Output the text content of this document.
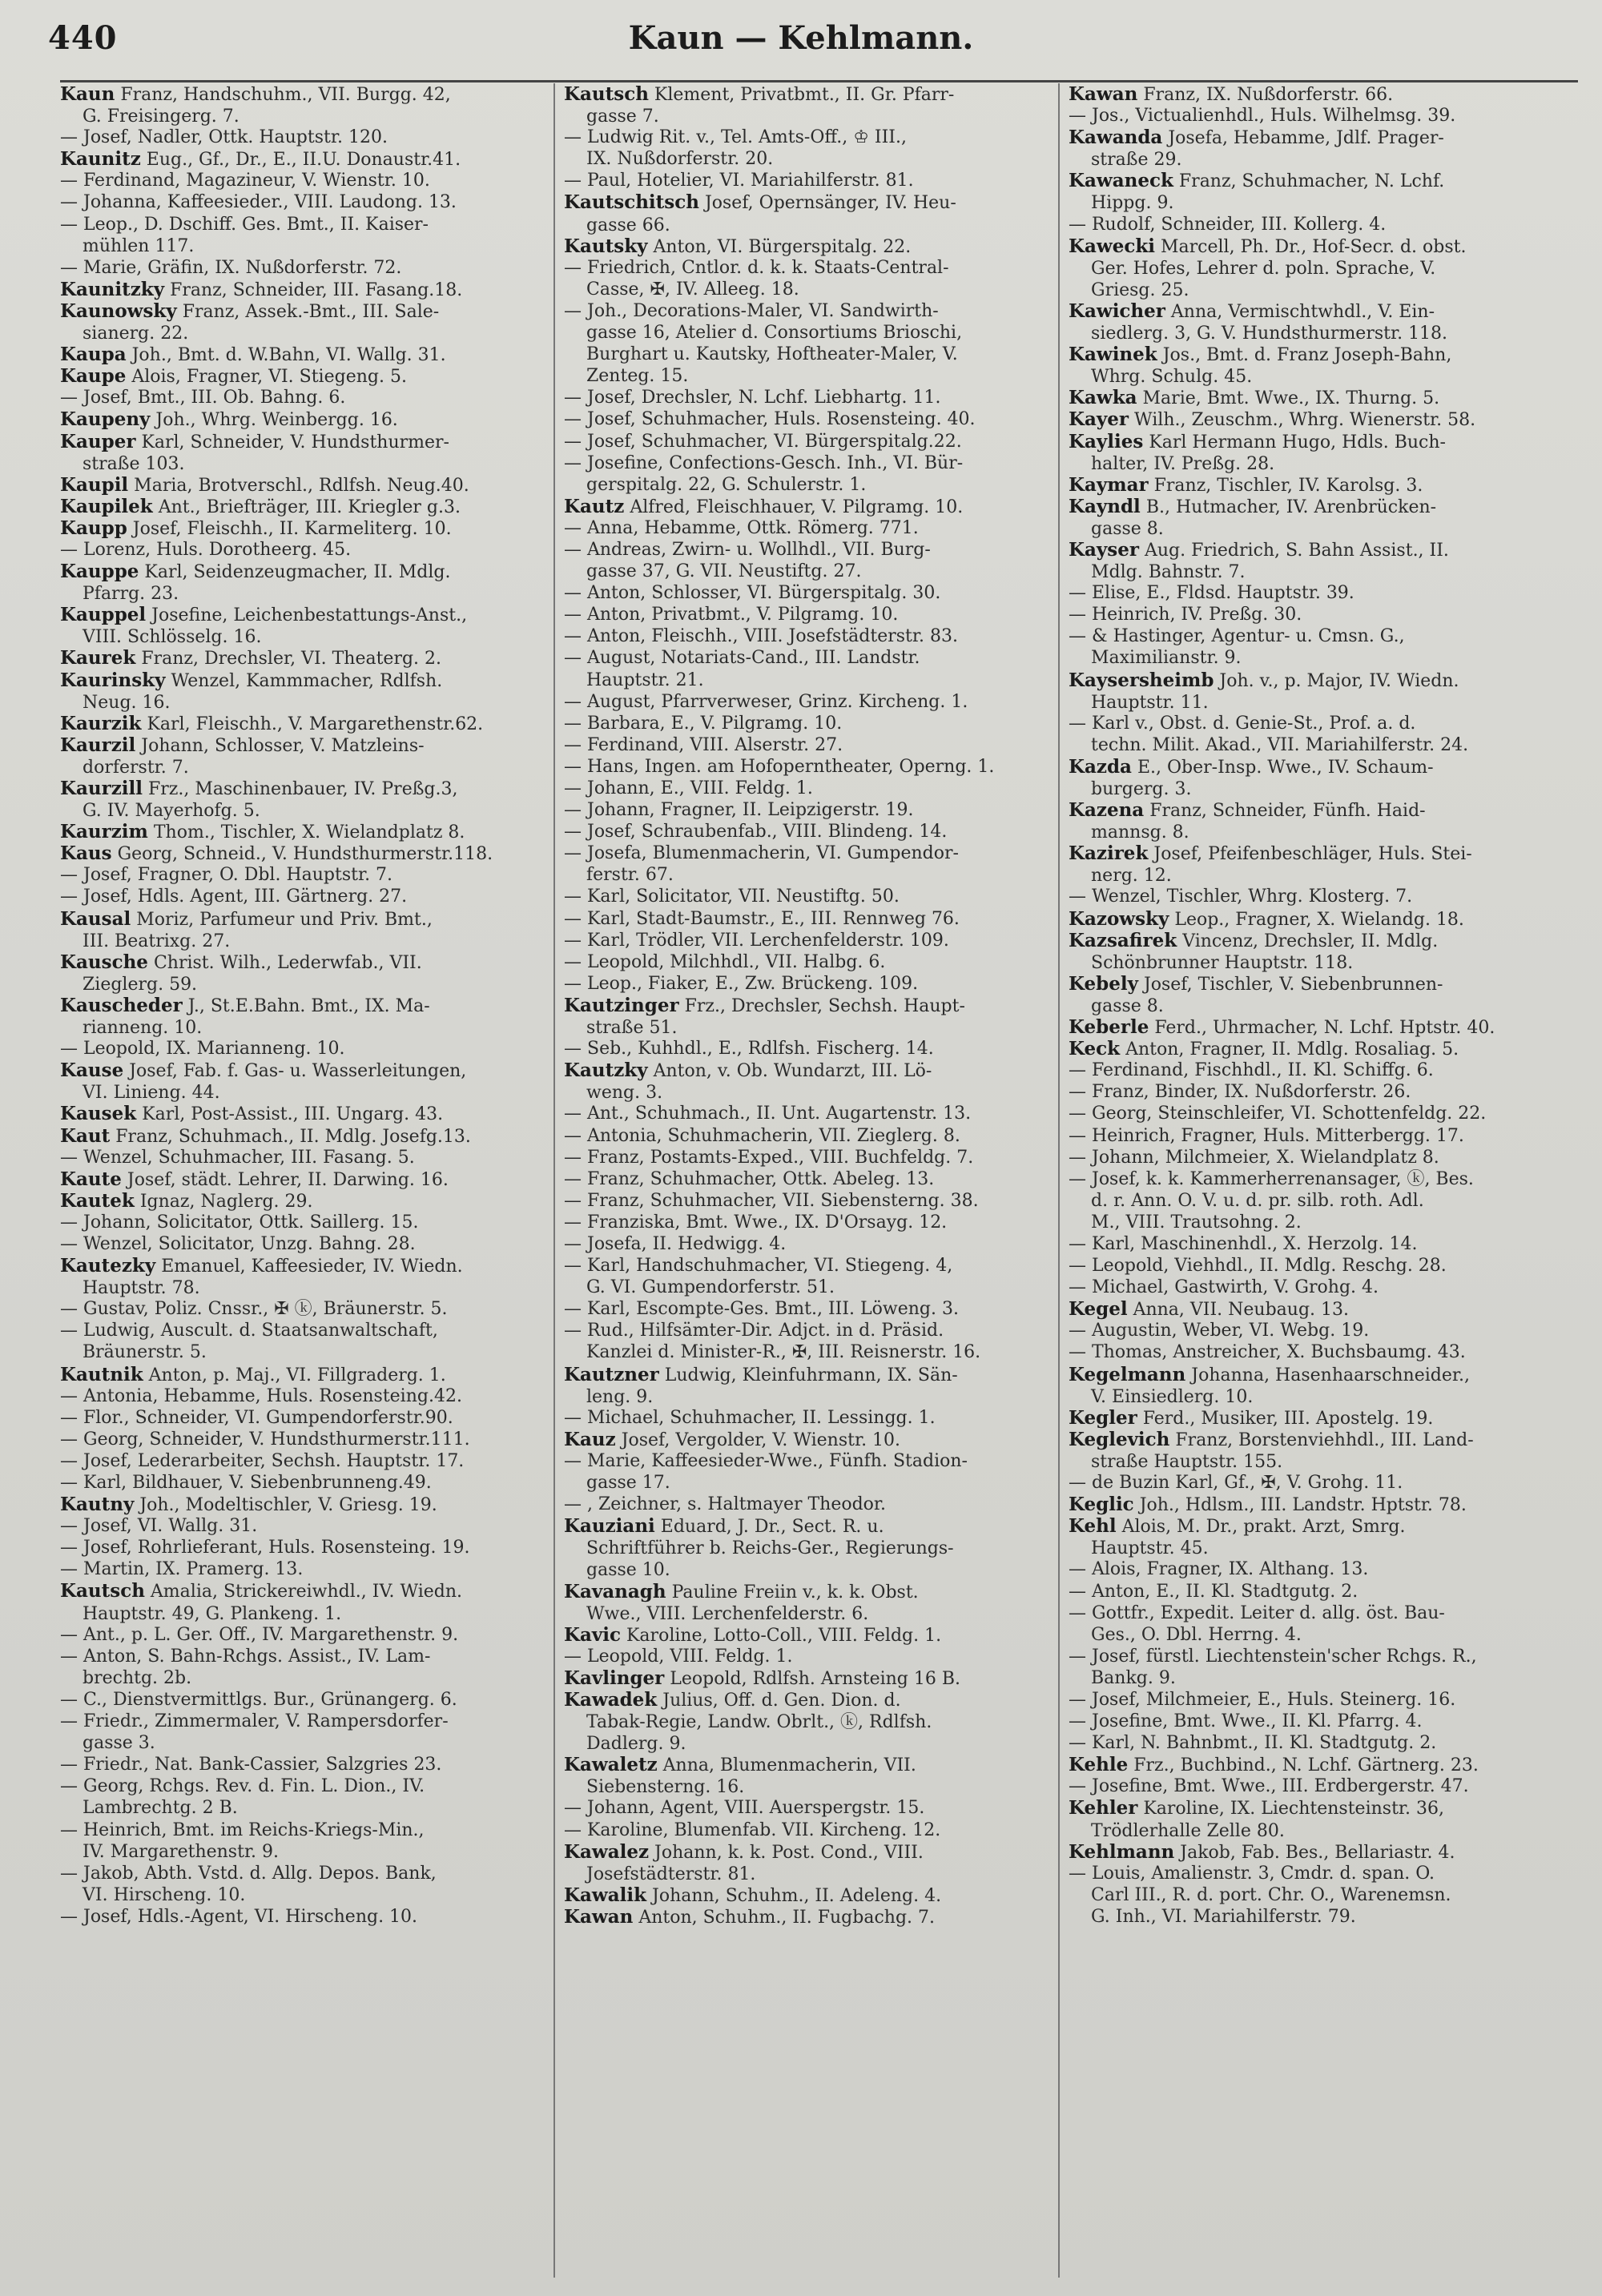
440	Kaun — Kehlmann.
Kaun Franz, Handschuhm., VII. Burgg. 42,
G. Freisingerg. 7.
— Josef, Nadler, Ottk. Hauptstr. 120.
Kaunitz Eug., Gf., Dr., E., II.U. Donaustr.41.
— Ferdinand, Magazineur, V. Wienstr. 10.
— Johanna, Kaffeesieder., VIII. Laudong. 13.
— Leop., D. Dschiff. Ges. Bmt., II. Kaiser-
mühlen 117.
— Marie, Gräfin, IX. Nußdorferstr. 72.
Kaunitzky Franz, Schneider, III. Fasang.18.
Kaunowsky Franz, Assek.-Bmt., III. Sale-
sianerg. 22.
Kaupa Joh., Bmt. d. W.Bahn, VI. Wallg. 31.
Kaupe Alois, Fragner, VI. Stiegeng. 5.
— Josef, Bmt., III. Ob. Bahng. 6.
Kaupeny Joh., Whrg. Weinbergg. 16.
Kauper Karl, Schneider, V. Hundsthurmer-
straße 103.
Kaupil Maria, Brotverschl., Rdlfsh. Neug.40.
Kaupilek Ant., Briefträger, III. Kriegler g.3.
Kaupp Josef, Fleischh., II. Karmeliterg. 10.
— Lorenz, Huls. Dorotheerg. 45.
Kauppe Karl, Seidenzeugmacher, II. Mdlg.
Pfarrg. 23.
Kauppel Josefine, Leichenbestattungs-Anst.,
VIII. Schlösselg. 16.
Kaurek Franz, Drechsler, VI. Theaterg. 2.
Kaurinsky Wenzel, Kammmacher, Rdlfsh.
Neug. 16.
Kaurzik Karl, Fleischh., V. Margarethenstr.62.
Kaurzil Johann, Schlosser, V. Matzleins-
dorferstr. 7.
Kaurzill Frz., Maschinenbauer, IV. Preßg.3,
G. IV. Mayerhofg. 5.
Kaurzim Thom., Tischler, X. Wielandplatz 8.
Kaus Georg, Schneid., V. Hundsthurmerstr.118.
— Josef, Fragner, O. Dbl. Hauptstr. 7.
— Josef, Hdls. Agent, III. Gärtnerg. 27.
Kausal Moriz, Parfumeur und Priv. Bmt.,
III. Beatrixg. 27.
Kausche Christ. Wilh., Lederwfab., VII.
Zieglerg. 59.
Kauscheder J., St.E.Bahn. Bmt., IX. Ma-
rianneng. 10.
— Leopold, IX. Marianneng. 10.
Kause Josef, Fab. f. Gas- u. Wasserleitungen,
VI. Linieng. 44.
Kausek Karl, Post-Assist., III. Ungarg. 43.
Kaut Franz, Schuhmach., II. Mdlg. Josefg.13.
— Wenzel, Schuhmacher, III. Fasang. 5.
Kaute Josef, städt. Lehrer, II. Darwing. 16.
Kautek Ignaz, Naglerg. 29.
— Johann, Solicitator, Ottk. Saillerg. 15.
— Wenzel, Solicitator, Unzg. Bahng. 28.
Kautezky Emanuel, Kaffeesieder, IV. Wiedn.
Hauptstr. 78.
— Gustav, Poliz. Cnssr., ✠ ⓚ, Bräunerstr. 5.
— Ludwig, Auscult. d. Staatsanwaltschaft,
Bräunerstr. 5.
Kautnik Anton, p. Maj., VI. Fillgraderg. 1.
— Antonia, Hebamme, Huls. Rosensteing.42.
— Flor., Schneider, VI. Gumpendorferstr.90.
— Georg, Schneider, V. Hundsthurmerstr.111.
— Josef, Lederarbeiter, Sechsh. Hauptstr. 17.
— Karl, Bildhauer, V. Siebenbrunneng.49.
Kautny Joh., Modeltischler, V. Griesg. 19.
— Josef, VI. Wallg. 31.
— Josef, Rohrlieferant, Huls. Rosensteing. 19.
— Martin, IX. Pramerg. 13.
Kautsch Amalia, Strickereiwhdl., IV. Wiedn.
Hauptstr. 49, G. Plankeng. 1.
— Ant., p. L. Ger. Off., IV. Margarethenstr. 9.
— Anton, S. Bahn-Rchgs. Assist., IV. Lam-
brechtg. 2b.
— C., Dienstvermittlgs. Bur., Grünangerg. 6.
— Friedr., Zimmermaler, V. Rampersdorfer-
gasse 3.
— Friedr., Nat. Bank-Cassier, Salzgries 23.
— Georg, Rchgs. Rev. d. Fin. L. Dion., IV.
Lambrechtg. 2 B.
— Heinrich, Bmt. im Reichs-Kriegs-Min.,
IV. Margarethenstr. 9.
— Jakob, Abth. Vstd. d. Allg. Depos. Bank,
VI. Hirscheng. 10.
— Josef, Hdls.-Agent, VI. Hirscheng. 10.
Kautsch Klement, Privatbmt., II. Gr. Pfarr-
gasse 7.
— Ludwig Rit. v., Tel. Amts-Off., ♔ III.,
IX. Nußdorferstr. 20.
— Paul, Hotelier, VI. Mariahilferstr. 81.
Kautschitsch Josef, Opernsänger, IV. Heu-
gasse 66.
Kautsky Anton, VI. Bürgerspitalg. 22.
— Friedrich, Cntlor. d. k. k. Staats-Central-
Casse, ✠, IV. Alleeg. 18.
— Joh., Decorations-Maler, VI. Sandwirth-
gasse 16, Atelier d. Consortiums Brioschi,
Burghart u. Kautsky, Hoftheater-Maler, V.
Zenteg. 15.
— Josef, Drechsler, N. Lchf. Liebhartg. 11.
— Josef, Schuhmacher, Huls. Rosensteing. 40.
— Josef, Schuhmacher, VI. Bürgerspitalg.22.
— Josefine, Confections-Gesch. Inh., VI. Bür-
gerspitalg. 22, G. Schulerstr. 1.
Kautz Alfred, Fleischhauer, V. Pilgramg. 10.
— Anna, Hebamme, Ottk. Römerg. 771.
— Andreas, Zwirn- u. Wollhdl., VII. Burg-
gasse 37, G. VII. Neustiftg. 27.
— Anton, Schlosser, VI. Bürgerspitalg. 30.
— Anton, Privatbmt., V. Pilgramg. 10.
— Anton, Fleischh., VIII. Josefstädterstr. 83.
— August, Notariats-Cand., III. Landstr.
Hauptstr. 21.
— August, Pfarrverweser, Grinz. Kircheng. 1.
— Barbara, E., V. Pilgramg. 10.
— Ferdinand, VIII. Alserstr. 27.
— Hans, Ingen. am Hofoperntheater, Operng. 1.
— Johann, E., VIII. Feldg. 1.
— Johann, Fragner, II. Leipzigerstr. 19.
— Josef, Schraubenfab., VIII. Blindeng. 14.
— Josefa, Blumenmacherin, VI. Gumpendor-
ferstr. 67.
— Karl, Solicitator, VII. Neustiftg. 50.
— Karl, Stadt-Baumstr., E., III. Rennweg 76.
— Karl, Trödler, VII. Lerchenfelderstr. 109.
— Leopold, Milchhdl., VII. Halbg. 6.
— Leop., Fiaker, E., Zw. Brückeng. 109.
Kautzinger Frz., Drechsler, Sechsh. Haupt-
straße 51.
— Seb., Kuhhdl., E., Rdlfsh. Fischerg. 14.
Kautzky Anton, v. Ob. Wundarzt, III. Lö-
weng. 3.
— Ant., Schuhmach., II. Unt. Augartenstr. 13.
— Antonia, Schuhmacherin, VII. Zieglerg. 8.
— Franz, Postamts-Exped., VIII. Buchfeldg. 7.
— Franz, Schuhmacher, Ottk. Abeleg. 13.
— Franz, Schuhmacher, VII. Siebensterng. 38.
— Franziska, Bmt. Wwe., IX. D'Orsayg. 12.
— Josefa, II. Hedwigg. 4.
— Karl, Handschuhmacher, VI. Stiegeng. 4,
G. VI. Gumpendorferstr. 51.
— Karl, Escompte-Ges. Bmt., III. Löweng. 3.
— Rud., Hilfsämter-Dir. Adjct. in d. Präsid.
Kanzlei d. Minister-R., ✠, III. Reisnerstr. 16.
Kautzner Ludwig, Kleinfuhrmann, IX. Sän-
leng. 9.
— Michael, Schuhmacher, II. Lessingg. 1.
Kauz Josef, Vergolder, V. Wienstr. 10.
— Marie, Kaffeesieder-Wwe., Fünfh. Stadion-
gasse 17.
— , Zeichner, s. Haltmayer Theodor.
Kauziani Eduard, J. Dr., Sect. R. u.
Schriftführer b. Reichs-Ger., Regierungs-
gasse 10.
Kavanagh Pauline Freiin v., k. k. Obst.
Wwe., VIII. Lerchenfelderstr. 6.
Kavic Karoline, Lotto-Coll., VIII. Feldg. 1.
— Leopold, VIII. Feldg. 1.
Kavlinger Leopold, Rdlfsh. Arnsteing 16 B.
Kawadek Julius, Off. d. Gen. Dion. d.
Tabak-Regie, Landw. Obrlt., ⓚ, Rdlfsh.
Dadlerg. 9.
Kawaletz Anna, Blumenmacherin, VII.
Siebensterng. 16.
— Johann, Agent, VIII. Auerspergstr. 15.
— Karoline, Blumenfab. VII. Kircheng. 12.
Kawalez Johann, k. k. Post. Cond., VIII.
Josefstädterstr. 81.
Kawalik Johann, Schuhm., II. Adeleng. 4.
Kawan Anton, Schuhm., II. Fugbachg. 7.
Kawan Franz, IX. Nußdorferstr. 66.
— Jos., Victualienhdl., Huls. Wilhelmsg. 39.
Kawanda Josefa, Hebamme, Jdlf. Prager-
straße 29.
Kawaneck Franz, Schuhmacher, N. Lchf.
Hippg. 9.
— Rudolf, Schneider, III. Kollerg. 4.
Kawecki Marcell, Ph. Dr., Hof-Secr. d. obst.
Ger. Hofes, Lehrer d. poln. Sprache, V.
Griesg. 25.
Kawicher Anna, Vermischtwhdl., V. Ein-
siedlerg. 3, G. V. Hundsthurmerstr. 118.
Kawinek Jos., Bmt. d. Franz Joseph-Bahn,
Whrg. Schulg. 45.
Kawka Marie, Bmt. Wwe., IX. Thurng. 5.
Kayer Wilh., Zeuschm., Whrg. Wienerstr. 58.
Kaylies Karl Hermann Hugo, Hdls. Buch-
halter, IV. Preßg. 28.
Kaymar Franz, Tischler, IV. Karolsg. 3.
Kayndl B., Hutmacher, IV. Arenbrücken-
gasse 8.
Kayser Aug. Friedrich, S. Bahn Assist., II.
Mdlg. Bahnstr. 7.
— Elise, E., Fldsd. Hauptstr. 39.
— Heinrich, IV. Preßg. 30.
— & Hastinger, Agentur- u. Cmsn. G.,
Maximilianstr. 9.
Kaysersheimb Joh. v., p. Major, IV. Wiedn.
Hauptstr. 11.
— Karl v., Obst. d. Genie-St., Prof. a. d.
techn. Milit. Akad., VII. Mariahilferstr. 24.
Kazda E., Ober-Insp. Wwe., IV. Schaum-
burgerg. 3.
Kazena Franz, Schneider, Fünfh. Haid-
mannsg. 8.
Kazirek Josef, Pfeifenbeschläger, Huls. Stei-
nerg. 12.
— Wenzel, Tischler, Whrg. Klosterg. 7.
Kazowsky Leop., Fragner, X. Wielandg. 18.
Kazsafirek Vincenz, Drechsler, II. Mdlg.
Schönbrunner Hauptstr. 118.
Kebely Josef, Tischler, V. Siebenbrunnen-
gasse 8.
Keberle Ferd., Uhrmacher, N. Lchf. Hptstr. 40.
Keck Anton, Fragner, II. Mdlg. Rosaliag. 5.
— Ferdinand, Fischhdl., II. Kl. Schiffg. 6.
— Franz, Binder, IX. Nußdorferstr. 26.
— Georg, Steinschleifer, VI. Schottenfeldg. 22.
— Heinrich, Fragner, Huls. Mitterbergg. 17.
— Johann, Milchmeier, X. Wielandplatz 8.
— Josef, k. k. Kammerherrenansager, ⓚ, Bes.
d. r. Ann. O. V. u. d. pr. silb. roth. Adl.
M., VIII. Trautsohng. 2.
— Karl, Maschinenhdl., X. Herzolg. 14.
— Leopold, Viehhdl., II. Mdlg. Reschg. 28.
— Michael, Gastwirth, V. Grohg. 4.
Kegel Anna, VII. Neubaug. 13.
— Augustin, Weber, VI. Webg. 19.
— Thomas, Anstreicher, X. Buchsbaumg. 43.
Kegelmann Johanna, Hasenhaarschneider.,
V. Einsiedlerg. 10.
Kegler Ferd., Musiker, III. Apostelg. 19.
Keglevich Franz, Borstenviehhdl., III. Land-
straße Hauptstr. 155.
— de Buzin Karl, Gf., ✠, V. Grohg. 11.
Keglic Joh., Hdlsm., III. Landstr. Hptstr. 78.
Kehl Alois, M. Dr., prakt. Arzt, Smrg.
Hauptstr. 45.
— Alois, Fragner, IX. Althang. 13.
— Anton, E., II. Kl. Stadtgutg. 2.
— Gottfr., Expedit. Leiter d. allg. öst. Bau-
Ges., O. Dbl. Herrng. 4.
— Josef, fürstl. Liechtenstein'scher Rchgs. R.,
Bankg. 9.
— Josef, Milchmeier, E., Huls. Steinerg. 16.
— Josefine, Bmt. Wwe., II. Kl. Pfarrg. 4.
— Karl, N. Bahnbmt., II. Kl. Stadtgutg. 2.
Kehle Frz., Buchbind., N. Lchf. Gärtnerg. 23.
— Josefine, Bmt. Wwe., III. Erdbergerstr. 47.
Kehler Karoline, IX. Liechtensteinstr. 36,
Trödlerhalle Zelle 80.
Kehlmann Jakob, Fab. Bes., Bellariastr. 4.
— Louis, Amalienstr. 3, Cmdr. d. span. O.
Carl III., R. d. port. Chr. O., Warenemsn.
G. Inh., VI. Mariahilferstr. 79.
